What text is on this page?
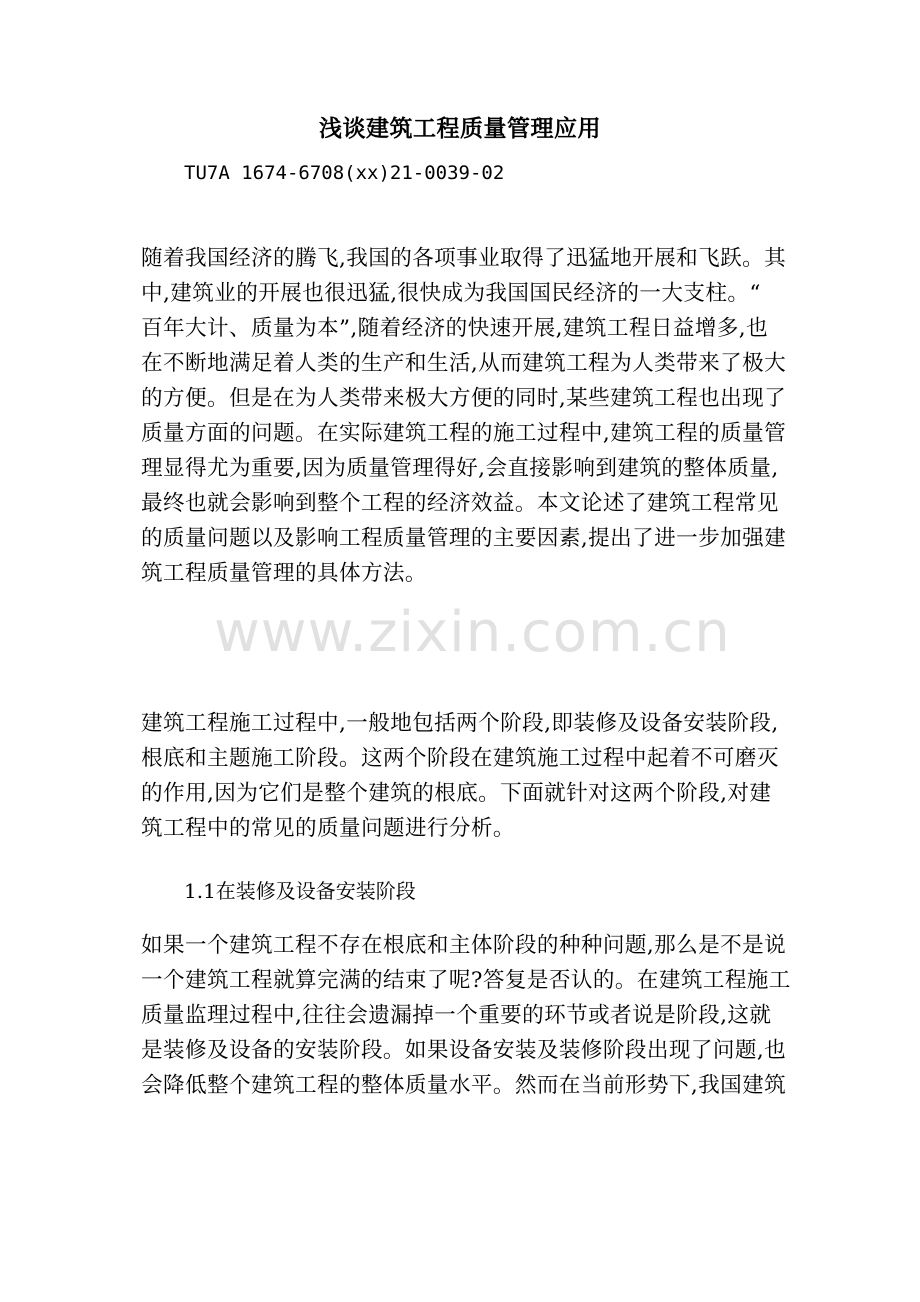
浅谈建筑工程质量管理应用
TU7A 1674-6708(xx)21-0039-02

随着我国经济的腾飞,我国的各项事业取得了迅猛地开展和飞跃。其
中,建筑业的开展也很迅猛,很快成为我国国民经济的一大支柱。“
百年大计、质量为本”,随着经济的快速开展,建筑工程日益增多,也
在不断地满足着人类的生产和生活,从而建筑工程为人类带来了极大
的方便。但是在为人类带来极大方便的同时,某些建筑工程也出现了
质量方面的问题。在实际建筑工程的施工过程中,建筑工程的质量管
理显得尤为重要,因为质量管理得好,会直接影响到建筑的整体质量,
最终也就会影响到整个工程的经济效益。本文论述了建筑工程常见
的质量问题以及影响工程质量管理的主要因素,提出了进一步加强建
筑工程质量管理的具体方法。

建筑工程施工过程中,一般地包括两个阶段,即装修及设备安装阶段,
根底和主题施工阶段。这两个阶段在建筑施工过程中起着不可磨灭
的作用,因为它们是整个建筑的根底。下面就针对这两个阶段,对建
筑工程中的常见的质量问题进行分析。

1.1在装修及设备安装阶段

如果一个建筑工程不存在根底和主体阶段的种种问题,那么是不是说
一个建筑工程就算完满的结束了呢?答复是否认的。在建筑工程施工
质量监理过程中,往往会遗漏掉一个重要的环节或者说是阶段,这就
是装修及设备的安装阶段。如果设备安装及装修阶段出现了问题,也
会降低整个建筑工程的整体质量水平。然而在当前形势下,我国建筑

www.zixin.com.cn
